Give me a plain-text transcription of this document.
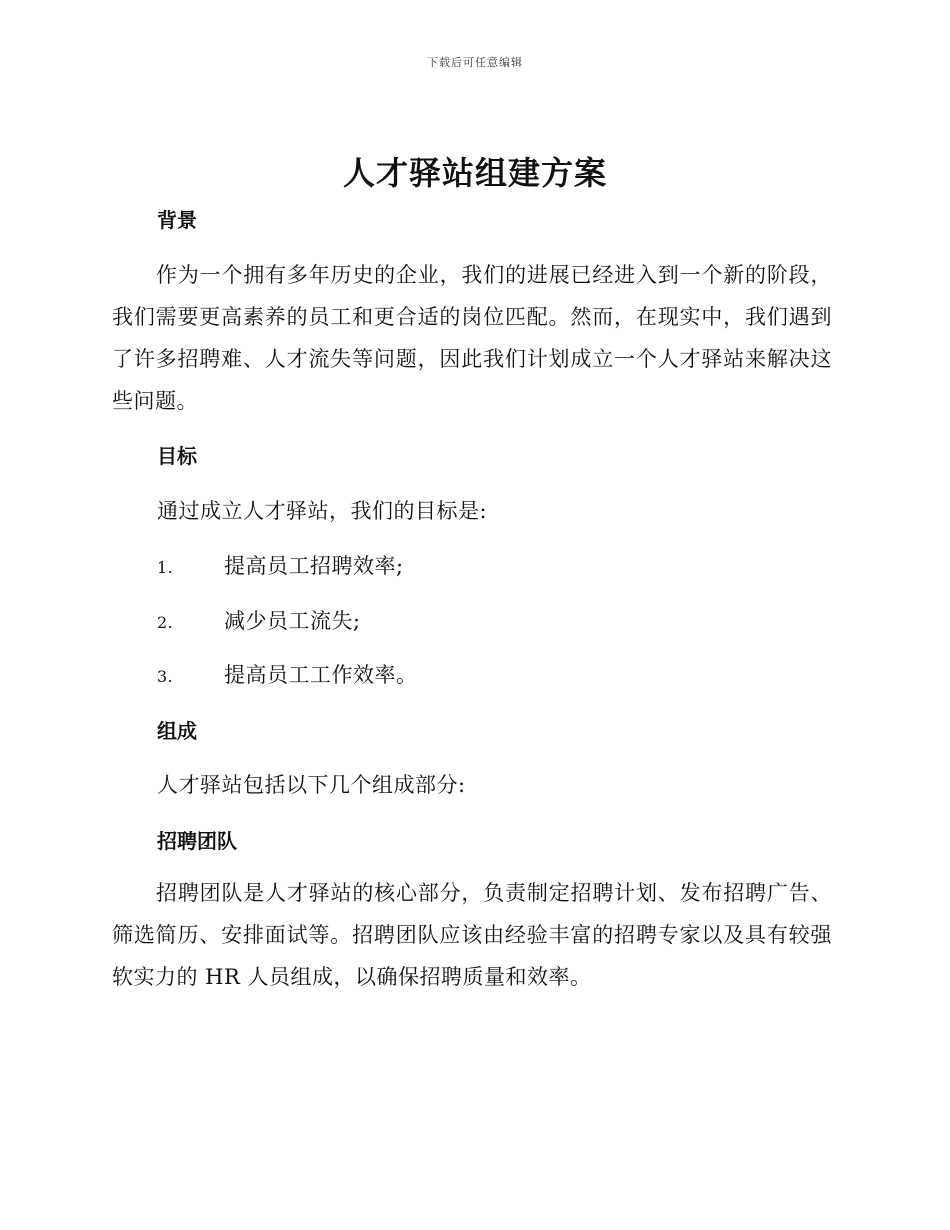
下载后可任意编辑
人才驿站组建方案
背景

作为一个拥有多年历史的企业，我们的进展已经进入到一个新的阶段，我们需要更高素养的员工和更合适的岗位匹配。然而，在现实中，我们遇到了许多招聘难、人才流失等问题，因此我们计划成立一个人才驿站来解决这些问题。

目标

通过成立人才驿站，我们的目标是:

1. 提高员工招聘效率;
2. 减少员工流失;
3. 提高员工工作效率。
组成

人才驿站包括以下几个组成部分:

招聘团队

招聘团队是人才驿站的核心部分，负责制定招聘计划、发布招聘广告、筛选简历、安排面试等。招聘团队应该由经验丰富的招聘专家以及具有较强软实力的 HR 人员组成，以确保招聘质量和效率。
